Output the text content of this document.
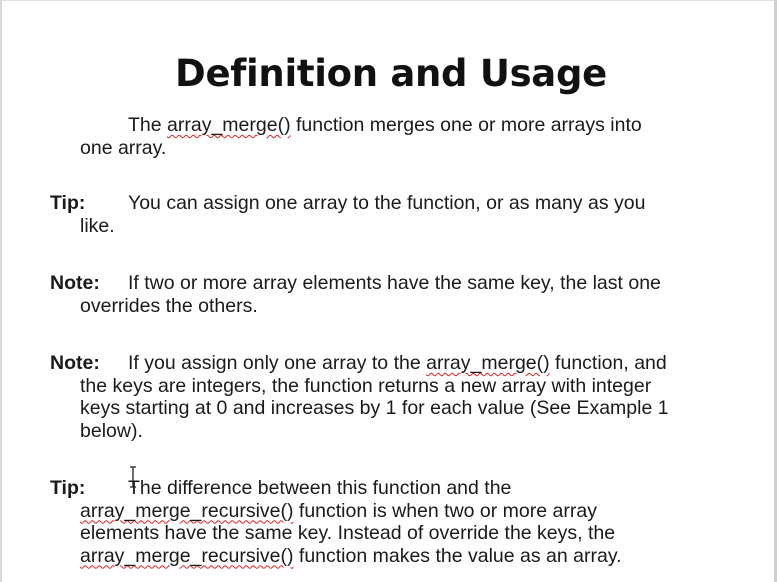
Definition and Usage
The array_merge() function merges one or more arrays into
one array.
Tip: You can assign one array to the function, or as many as you
like.
Note: If two or more array elements have the same key, the last one
overrides the others.
Note: If you assign only one array to the array_merge() function, and
the keys are integers, the function returns a new array with integer
keys starting at 0 and increases by 1 for each value (See Example 1
below).
Tip: The difference between this function and the
array_merge_recursive() function is when two or more array
elements have the same key. Instead of override the keys, the
array_merge_recursive() function makes the value as an array.
